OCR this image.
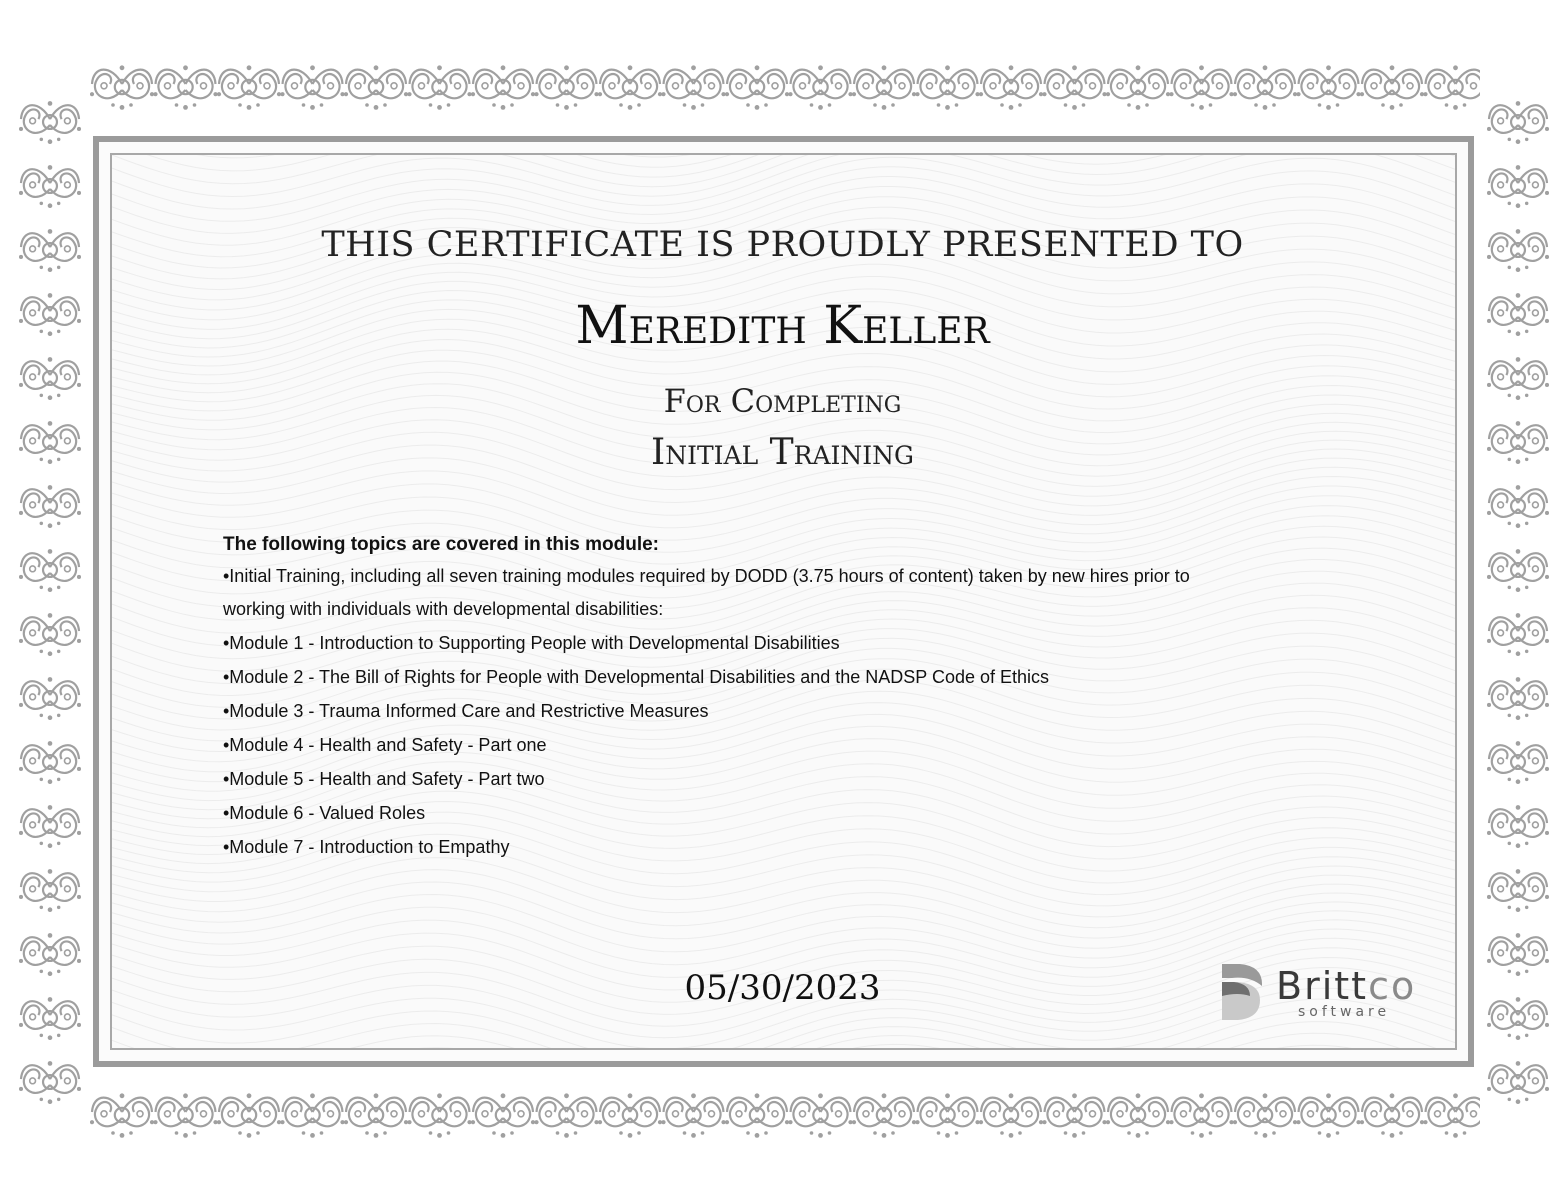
THIS CERTIFICATE IS PROUDLY PRESENTED TO
Meredith Keller
For Completing
Initial Training

The following topics are covered in this module:

•Initial Training, including all seven training modules required by DODD (3.75 hours of content) taken by new hires prior to

working with individuals with developmental disabilities:

•Module 1 - Introduction to Supporting People with Developmental Disabilities

•Module 2 - The Bill of Rights for People with Developmental Disabilities and the NADSP Code of Ethics

•Module 3 - Trauma Informed Care and Restrictive Measures

•Module 4 - Health and Safety - Part one

•Module 5 - Health and Safety - Part two

•Module 6 - Valued Roles

•Module 7 - Introduction to Empathy

05/30/2023	Brittco
software
